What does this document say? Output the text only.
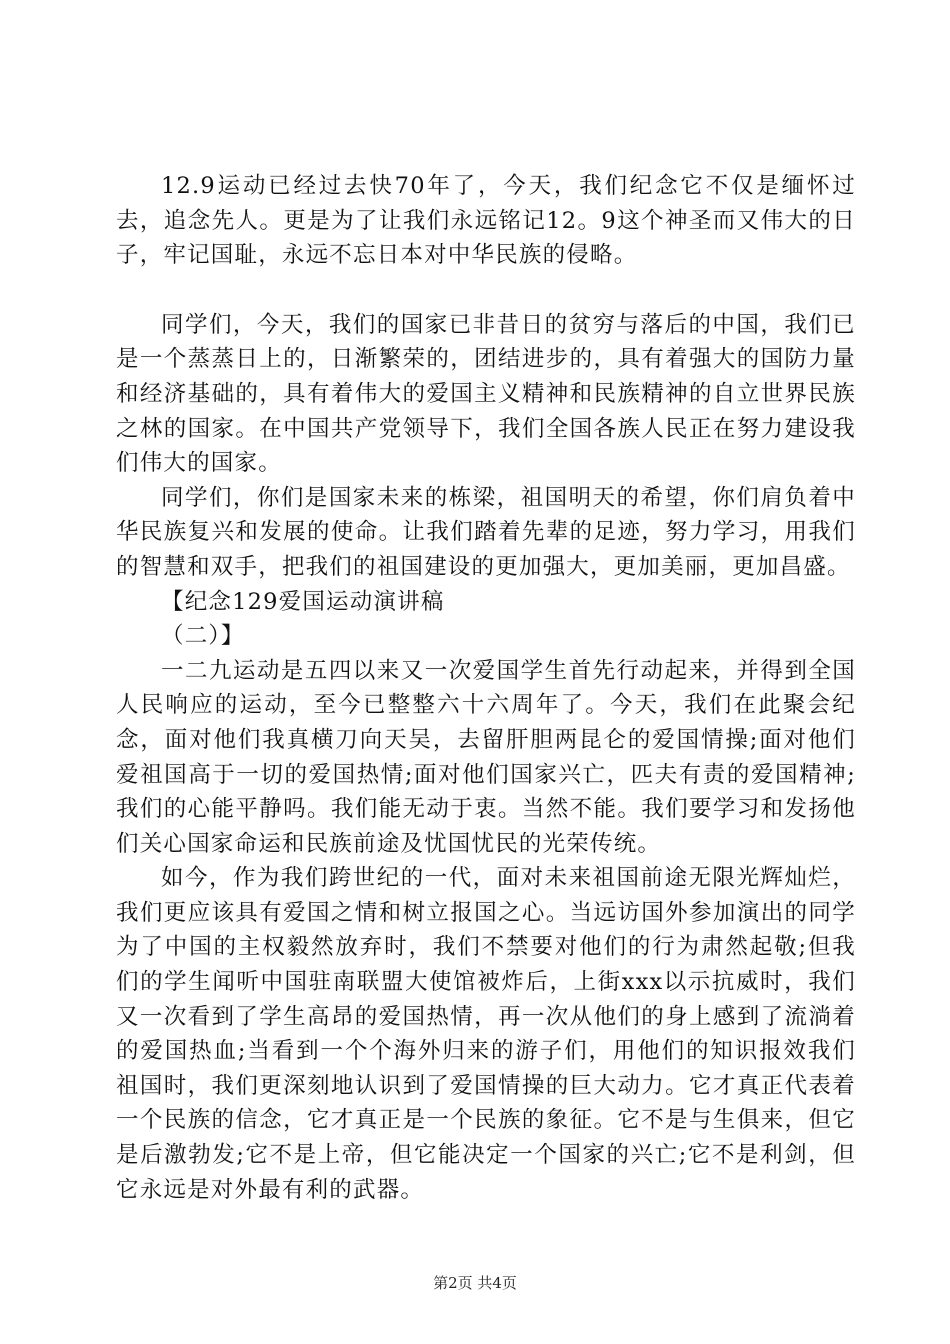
12.9运动已经过去快70年了，今天，我们纪念它不仅是缅怀过去，追念先人。更是为了让我们永远铭记12。9这个神圣而又伟大的日子，牢记国耻，永远不忘日本对中华民族的侵略。

同学们，今天，我们的国家已非昔日的贫穷与落后的中国，我们已是一个蒸蒸日上的，日渐繁荣的，团结进步的，具有着强大的国防力量和经济基础的，具有着伟大的爱国主义精神和民族精神的自立世界民族之林的国家。在中国共产党领导下，我们全国各族人民正在努力建设我们伟大的国家。

同学们，你们是国家未来的栋梁，祖国明天的希望，你们肩负着中华民族复兴和发展的使命。让我们踏着先辈的足迹，努力学习，用我们的智慧和双手，把我们的祖国建设的更加强大，更加美丽，更加昌盛。

【纪念129爱国运动演讲稿

（二）】

一二九运动是五四以来又一次爱国学生首先行动起来，并得到全国人民响应的运动，至今已整整六十六周年了。今天，我们在此聚会纪念，面对他们我真横刀向天吴，去留肝胆两昆仑的爱国情操;面对他们爱祖国高于一切的爱国热情;面对他们国家兴亡，匹夫有责的爱国精神;我们的心能平静吗。我们能无动于衷。当然不能。我们要学习和发扬他们关心国家命运和民族前途及忧国忧民的光荣传统。

如今，作为我们跨世纪的一代，面对未来祖国前途无限光辉灿烂，我们更应该具有爱国之情和树立报国之心。当远访国外参加演出的同学为了中国的主权毅然放弃时，我们不禁要对他们的行为肃然起敬;但我们的学生闻听中国驻南联盟大使馆被炸后，上街xxx以示抗威时，我们又一次看到了学生高昂的爱国热情，再一次从他们的身上感到了流淌着的爱国热血;当看到一个个海外归来的游子们，用他们的知识报效我们祖国时，我们更深刻地认识到了爱国情操的巨大动力。它才真正代表着一个民族的信念，它才真正是一个民族的象征。它不是与生俱来，但它是后激勃发;它不是上帝，但它能决定一个国家的兴亡;它不是利剑，但它永远是对外最有利的武器。

第2页 共4页
